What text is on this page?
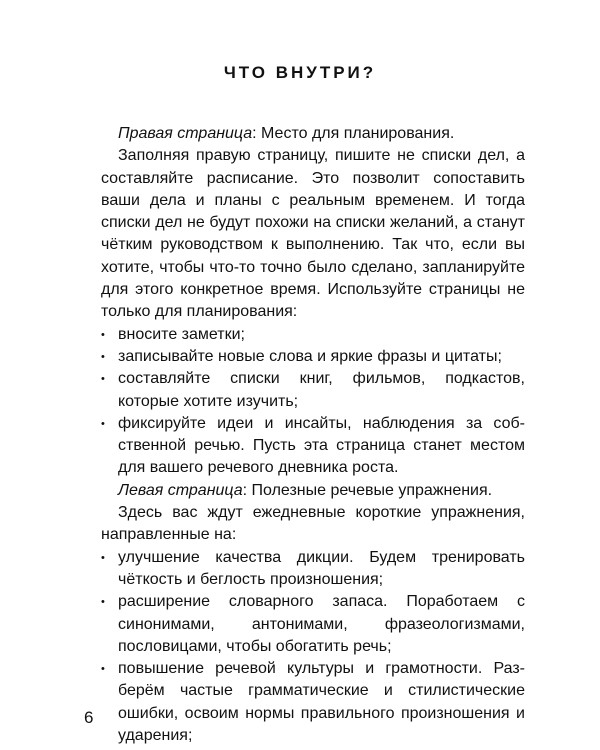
ЧТО ВНУТРИ?

Правая страница: Место для планирования.

Заполняя правую страницу, пишите не списки дел, а составляйте расписание. Это позволит сопоставить ваши дела и планы с реальным временем. И тогда списки дел не будут похожи на списки желаний, а станут чётким руководством к выполнению. Так что, если вы хотите, чтобы что-то точно было сделано, запланируйте для этого конкретное время. Используйте страницы не только для планирования:

• вносите заметки;
• записывайте новые слова и яркие фразы и цитаты;
• составляйте списки книг, фильмов, подкастов, которые хотите изучить;
• фиксируйте идеи и инсайты, наблюдения за собственной речью. Пусть эта страница станет местом для вашего речевого дневника роста.

Левая страница: Полезные речевые упражнения.

Здесь вас ждут ежедневные короткие упражнения, направленные на:

• улучшение качества дикции. Будем тренировать чёткость и беглость произношения;
• расширение словарного запаса. Поработаем с синонимами, антонимами, фразеологизмами, пословицами, чтобы обогатить речь;
• повышение речевой культуры и грамотности. Разберём частые грамматические и стилистические ошибки, освоим нормы правильного произношения и ударения;
6
